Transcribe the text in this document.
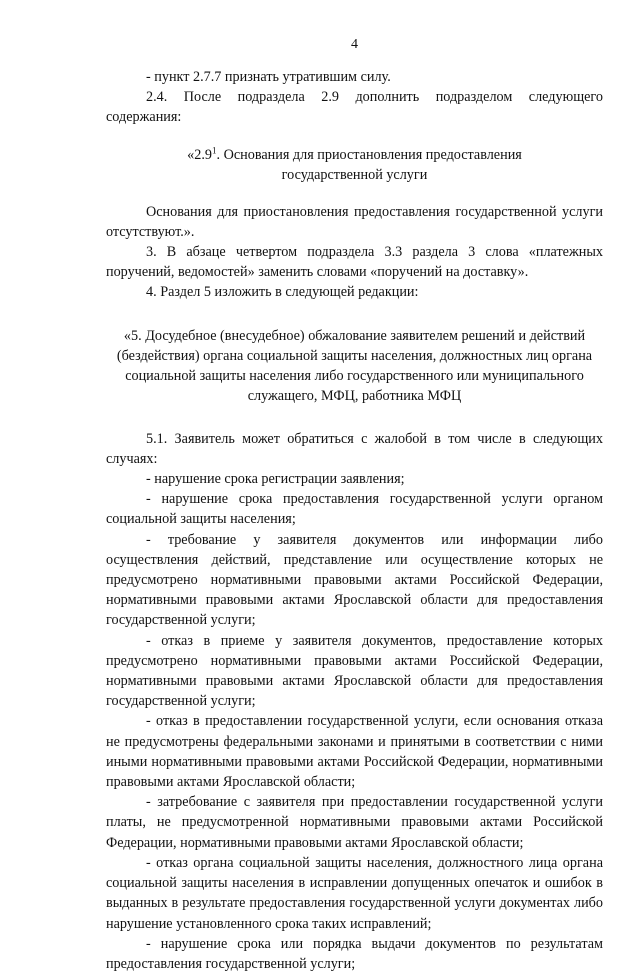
4

- пункт 2.7.7 признать утратившим силу.

2.4. После подраздела 2.9 дополнить подразделом следующего содержания:

«$2.9^1$. Основания для приостановления предоставления государственной услуги

Основания для приостановления предоставления государственной услуги отсутствуют.».

3. В абзаце четвертом подраздела 3.3 раздела 3 слова «платежных поручений, ведомостей» заменить словами «поручений на доставку».

4. Раздел 5 изложить в следующей редакции:

«5. Досудебное (внесудебное) обжалование заявителем решений и действий (бездействия) органа социальной защиты населения, должностных лиц органа социальной защиты населения либо государственного или муниципального служащего, МФЦ, работника МФЦ

5.1. Заявитель может обратиться с жалобой в том числе в следующих случаях:

- нарушение срока регистрации заявления;

- нарушение срока предоставления государственной услуги органом социальной защиты населения;

- требование у заявителя документов или информации либо осуществления действий, представление или осуществление которых не предусмотрено нормативными правовыми актами Российской Федерации, нормативными правовыми актами Ярославской области для предоставления государственной услуги;

- отказ в приеме у заявителя документов, предоставление которых предусмотрено нормативными правовыми актами Российской Федерации, нормативными правовыми актами Ярославской области для предоставления государственной услуги;

- отказ в предоставлении государственной услуги, если основания отказа не предусмотрены федеральными законами и принятыми в соответствии с ними иными нормативными правовыми актами Российской Федерации, нормативными правовыми актами Ярославской области;

- затребование с заявителя при предоставлении государственной услуги платы, не предусмотренной нормативными правовыми актами Российской Федерации, нормативными правовыми актами Ярославской области;

- отказ органа социальной защиты населения, должностного лица органа социальной защиты населения в исправлении допущенных опечаток и ошибок в выданных в результате предоставления государственной услуги документах либо нарушение установленного срока таких исправлений;

- нарушение срока или порядка выдачи документов по результатам предоставления государственной услуги;
